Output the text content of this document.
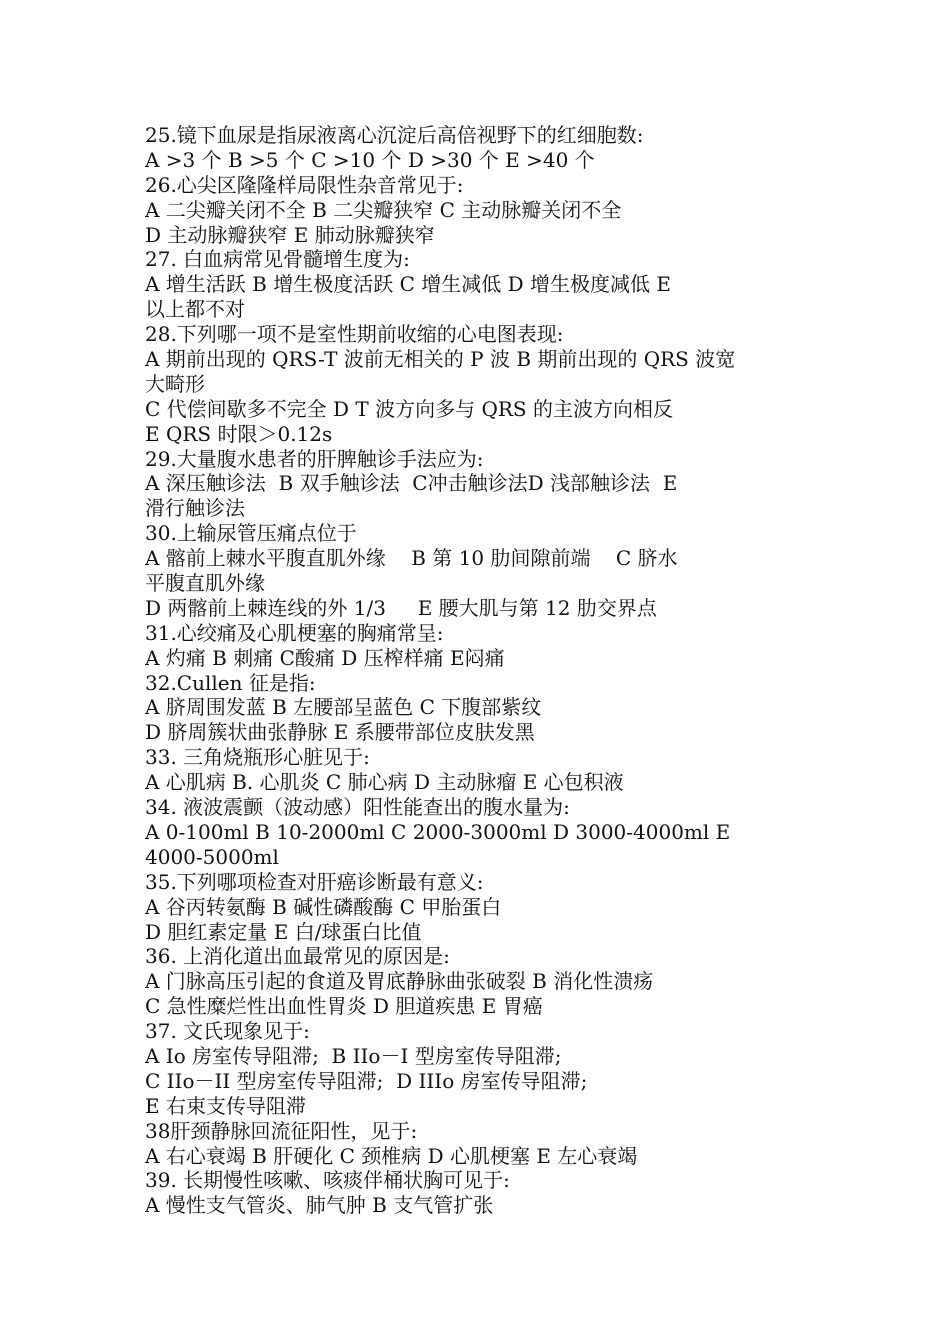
25.镜下血尿是指尿液离心沉淀后高倍视野下的红细胞数:
A >3 个 B >5 个 C >10 个 D >30 个 E >40 个
26.心尖区隆隆样局限性杂音常见于:
A 二尖瓣关闭不全 B 二尖瓣狭窄 C 主动脉瓣关闭不全
D 主动脉瓣狭窄 E 肺动脉瓣狭窄
27. 白血病常见骨髓增生度为:
A 增生活跃 B 增生极度活跃 C 增生减低 D 增生极度减低 E
以上都不对
28.下列哪一项不是室性期前收缩的心电图表现:
A 期前出现的 QRS-T 波前无相关的 P 波 B 期前出现的 QRS 波宽
大畸形
C 代偿间歇多不完全 D T 波方向多与 QRS 的主波方向相反
E QRS 时限＞0.12s
29.大量腹水患者的肝脾触诊手法应为:
A 深压触诊法  B 双手触诊法  C冲击触诊法D 浅部触诊法  E
滑行触诊法
30.上输尿管压痛点位于
A 髂前上棘水平腹直肌外缘    B 第 10 肋间隙前端    C 脐水
平腹直肌外缘
D 两髂前上棘连线的外 1/3     E 腰大肌与第 12 肋交界点
31.心绞痛及心肌梗塞的胸痛常呈:
A 灼痛 B 刺痛 C酸痛 D 压榨样痛 E闷痛
32.Cullen 征是指:
A 脐周围发蓝 B 左腰部呈蓝色 C 下腹部紫纹
D 脐周簇状曲张静脉 E 系腰带部位皮肤发黑
33. 三角烧瓶形心脏见于:
A 心肌病 B. 心肌炎 C 肺心病 D 主动脉瘤 E 心包积液
34. 液波震颤（波动感）阳性能查出的腹水量为:
A 0-100ml B 10-2000ml C 2000-3000ml D 3000-4000ml E
4000-5000ml
35.下列哪项检查对肝癌诊断最有意义:
A 谷丙转氨酶 B 碱性磷酸酶 C 甲胎蛋白
D 胆红素定量 E 白/球蛋白比值
36. 上消化道出血最常见的原因是:
A 门脉高压引起的食道及胃底静脉曲张破裂 B 消化性溃疡
C 急性糜烂性出血性胃炎 D 胆道疾患 E 胃癌
37. 文氏现象见于:
A Io 房室传导阻滞;  B IIo－I 型房室传导阻滞;
C IIo－II 型房室传导阻滞;  D IIIo 房室传导阻滞;
E 右束支传导阻滞
38肝颈静脉回流征阳性，见于:
A 右心衰竭 B 肝硬化 C 颈椎病 D 心肌梗塞 E 左心衰竭
39. 长期慢性咳嗽、咳痰伴桶状胸可见于:
A 慢性支气管炎、肺气肿 B 支气管扩张
